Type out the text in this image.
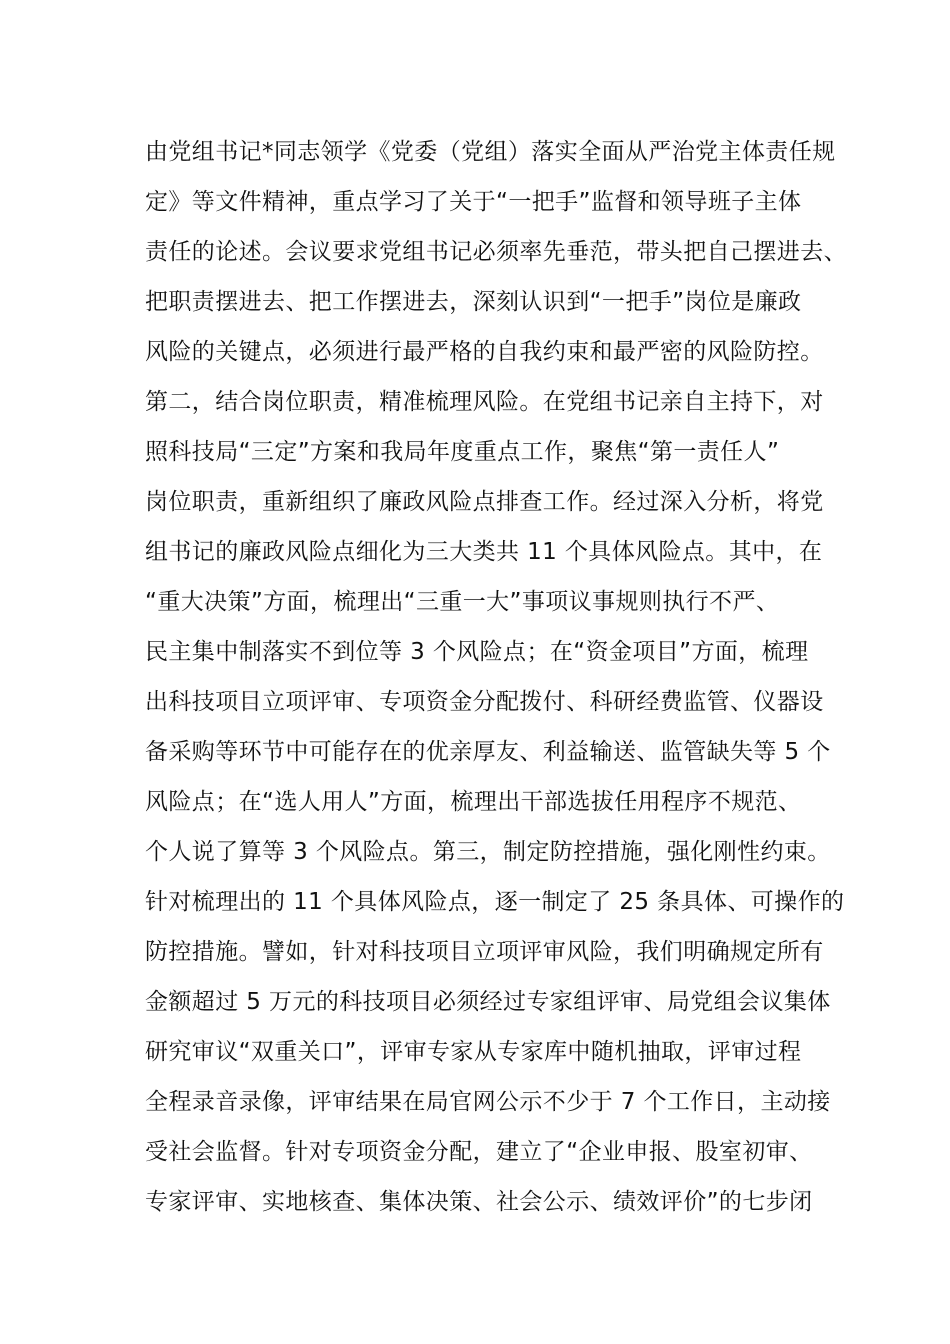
由党组书记*同志领学《党委（党组）落实全面从严治党主体责任规
定》等文件精神，重点学习了关于“一把手”监督和领导班子主体
责任的论述。会议要求党组书记必须率先垂范，带头把自己摆进去、
把职责摆进去、把工作摆进去，深刻认识到“一把手”岗位是廉政
风险的关键点，必须进行最严格的自我约束和最严密的风险防控。
第二，结合岗位职责，精准梳理风险。在党组书记亲自主持下，对
照科技局“三定”方案和我局年度重点工作，聚焦“第一责任人”
岗位职责，重新组织了廉政风险点排查工作。经过深入分析，将党
组书记的廉政风险点细化为三大类共 11 个具体风险点。其中，在
“重大决策”方面，梳理出“三重一大”事项议事规则执行不严、
民主集中制落实不到位等 3 个风险点；在“资金项目”方面，梳理
出科技项目立项评审、专项资金分配拨付、科研经费监管、仪器设
备采购等环节中可能存在的优亲厚友、利益输送、监管缺失等 5 个
风险点；在“选人用人”方面，梳理出干部选拔任用程序不规范、
个人说了算等 3 个风险点。第三，制定防控措施，强化刚性约束。
针对梳理出的 11 个具体风险点，逐一制定了 25 条具体、可操作的
防控措施。譬如，针对科技项目立项评审风险，我们明确规定所有
金额超过 5 万元的科技项目必须经过专家组评审、局党组会议集体
研究审议“双重关口”，评审专家从专家库中随机抽取，评审过程
全程录音录像，评审结果在局官网公示不少于 7 个工作日，主动接
受社会监督。针对专项资金分配，建立了“企业申报、股室初审、
专家评审、实地核查、集体决策、社会公示、绩效评价”的七步闭
